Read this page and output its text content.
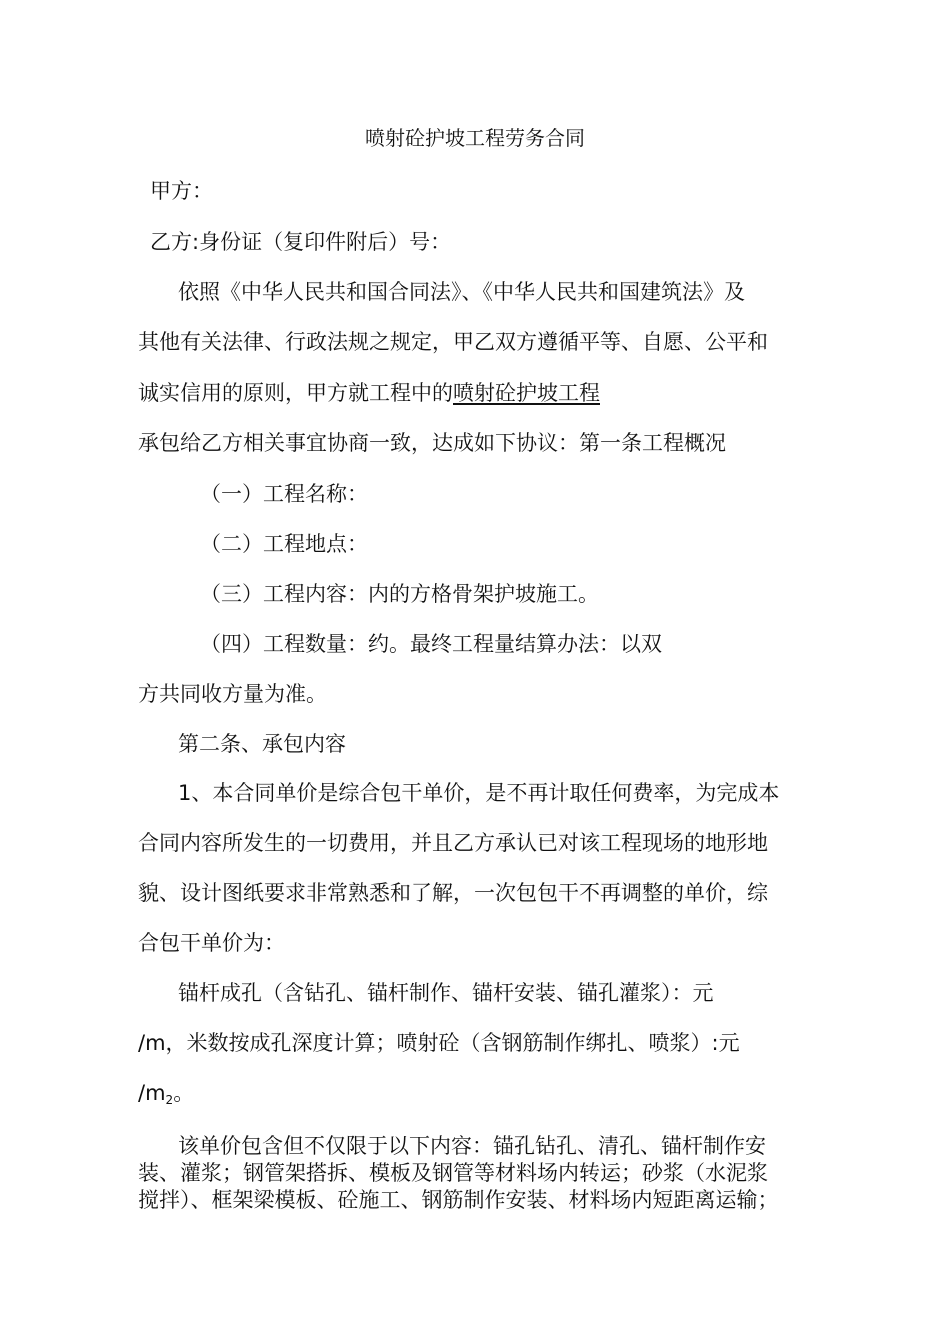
喷射砼护坡工程劳务合同
甲方：
乙方:身份证（复印件附后）号：
依照《中华人民共和国合同法》、《中华人民共和国建筑法》及
其他有关法律、行政法规之规定，甲乙双方遵循平等、自愿、公平和
诚实信用的原则，甲方就工程中的喷射砼护坡工程
承包给乙方相关事宜协商一致，达成如下协议：第一条工程概况
（一）工程名称：
（二）工程地点：
（三）工程内容：内的方格骨架护坡施工。
（四）工程数量：约。最终工程量结算办法：以双
方共同收方量为准。
第二条、承包内容
1、本合同单价是综合包干单价，是不再计取任何费率，为完成本
合同内容所发生的一切费用，并且乙方承认已对该工程现场的地形地
貌、设计图纸要求非常熟悉和了解，一次包包干不再调整的单价，综
合包干单价为：
锚杆成孔（含钻孔、锚杆制作、锚杆安装、锚孔灌浆）：元
/m，米数按成孔深度计算；喷射砼（含钢筋制作绑扎、喷浆）:元
/m2。
该单价包含但不仅限于以下内容：锚孔钻孔、清孔、锚杆制作安
装、灌浆；钢管架搭拆、模板及钢管等材料场内转运；砂浆（水泥浆
搅拌）、框架梁模板、砼施工、钢筋制作安装、材料场内短距离运输；
